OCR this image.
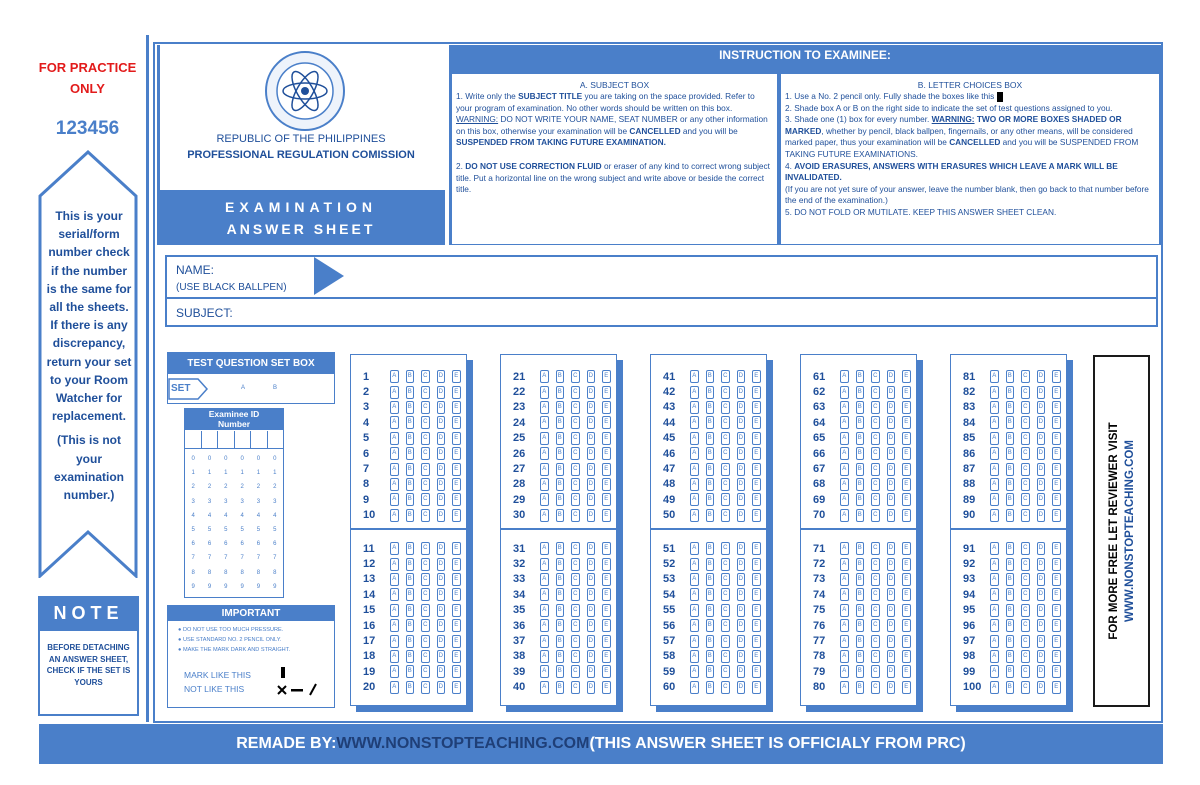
FOR PRACTICE ONLY
123456
This is your serial/form number check if the number is the same for all the sheets. If there is any discrepancy, return your set to your Room Watcher for replacement.
(This is not your examination number.)
NOTE
BEFORE DETACHING AN ANSWER SHEET, CHECK IF THE SET IS YOURS
REPUBLIC OF THE PHILIPPINES
PROFESSIONAL REGULATION COMISSION
EXAMINATION
ANSWER SHEET
INSTRUCTION TO EXAMINEE:
A. SUBJECT BOX
1. Write only the SUBJECT TITLE you are taking on the space provided. Refer to your program of examination. No other words should be written on this box. WARNING: DO NOT WRITE YOUR NAME, SEAT NUMBER or any other information on this box, otherwise your examination will be CANCELLED and you will be SUSPENDED FROM TAKING FUTURE EXAMINATION.
2. DO NOT USE CORRECTION FLUID or eraser of any kind to correct wrong subject title. Put a horizontal line on the wrong subject and write above or beside the correct title.
B. LETTER CHOICES BOX
1. Use a No. 2 pencil only. Fully shade the boxes like this
2. Shade box A or B on the right side to indicate the set of test questions assigned to you.
3. Shade one (1) box for every number. WARNING: TWO OR MORE BOXES SHADED OR MARKED, whether by pencil, black ballpen, fingernails, or any other means, will be considered marked paper, thus your examination will be CANCELLED and you will be SUSPENDED FROM TAKING FUTURE EXAMINATIONS.
4. AVOID ERASURES, ANSWERS WITH ERASURES WHICH LEAVE A MARK WILL BE INVALIDATED.
(If you are not yet sure of your answer, leave the number blank, then go back to that number before the end of the examination.)
5. DO NOT FOLD OR MUTILATE. KEEP THIS ANSWER SHEET CLEAN.
NAME:
(USE BLACK BALLPEN)
SUBJECT:
TEST QUESTION SET BOX
SET	A	B
Examinee ID
Number
0	0	0	0	0	0
1	1	1	1	1	1
2	2	2	2	2	2
3	3	3	3	3	3
4	4	4	4	4	4
5	5	5	5	5	5
6	6	6	6	6	6
7	7	7	7	7	7
8	8	8	8	8	8
9	9	9	9	9	9
IMPORTANT
● DO NOT USE TOO MUCH PRESSURE.
● USE STANDARD NO. 2 PENCIL ONLY.
● MAKE THE MARK DARK AND STRAIGHT.
MARK LIKE THIS
NOT LIKE THIS
1	A	B	C	D	E
2	A	B	C	D	E
3	A	B	C	D	E
4	A	B	C	D	E
5	A	B	C	D	E
6	A	B	C	D	E
7	A	B	C	D	E
8	A	B	C	D	E
9	A	B	C	D	E
10	A	B	C	D	E
11	A	B	C	D	E
12	A	B	C	D	E
13	A	B	C	D	E
14	A	B	C	D	E
15	A	B	C	D	E
16	A	B	C	D	E
17	A	B	C	D	E
18	A	B	C	D	E
19	A	B	C	D	E
20	A	B	C	D	E
21	A	B	C	D	E
22	A	B	C	D	E
23	A	B	C	D	E
24	A	B	C	D	E
25	A	B	C	D	E
26	A	B	C	D	E
27	A	B	C	D	E
28	A	B	C	D	E
29	A	B	C	D	E
30	A	B	C	D	E
31	A	B	C	D	E
32	A	B	C	D	E
33	A	B	C	D	E
34	A	B	C	D	E
35	A	B	C	D	E
36	A	B	C	D	E
37	A	B	C	D	E
38	A	B	C	D	E
39	A	B	C	D	E
40	A	B	C	D	E
41	A	B	C	D	E
42	A	B	C	D	E
43	A	B	C	D	E
44	A	B	C	D	E
45	A	B	C	D	E
46	A	B	C	D	E
47	A	B	C	D	E
48	A	B	C	D	E
49	A	B	C	D	E
50	A	B	C	D	E
51	A	B	C	D	E
52	A	B	C	D	E
53	A	B	C	D	E
54	A	B	C	D	E
55	A	B	C	D	E
56	A	B	C	D	E
57	A	B	C	D	E
58	A	B	C	D	E
59	A	B	C	D	E
60	A	B	C	D	E
61	A	B	C	D	E
62	A	B	C	D	E
63	A	B	C	D	E
64	A	B	C	D	E
65	A	B	C	D	E
66	A	B	C	D	E
67	A	B	C	D	E
68	A	B	C	D	E
69	A	B	C	D	E
70	A	B	C	D	E
71	A	B	C	D	E
72	A	B	C	D	E
73	A	B	C	D	E
74	A	B	C	D	E
75	A	B	C	D	E
76	A	B	C	D	E
77	A	B	C	D	E
78	A	B	C	D	E
79	A	B	C	D	E
80	A	B	C	D	E
81	A	B	C	D	E
82	A	B	C	D	E
83	A	B	C	D	E
84	A	B	C	D	E
85	A	B	C	D	E
86	A	B	C	D	E
87	A	B	C	D	E
88	A	B	C	D	E
89	A	B	C	D	E
90	A	B	C	D	E
91	A	B	C	D	E
92	A	B	C	D	E
93	A	B	C	D	E
94	A	B	C	D	E
95	A	B	C	D	E
96	A	B	C	D	E
97	A	B	C	D	E
98	A	B	C	D	E
99	A	B	C	D	E
100	A	B	C	D	E
FOR MORE FREE LET REVIEWER VISIT WWW.NONSTOPTEACHING.COM
REMADE BY: WWW.NONSTOPTEACHING.COM (THIS ANSWER SHEET IS OFFICIALY FROM PRC)
